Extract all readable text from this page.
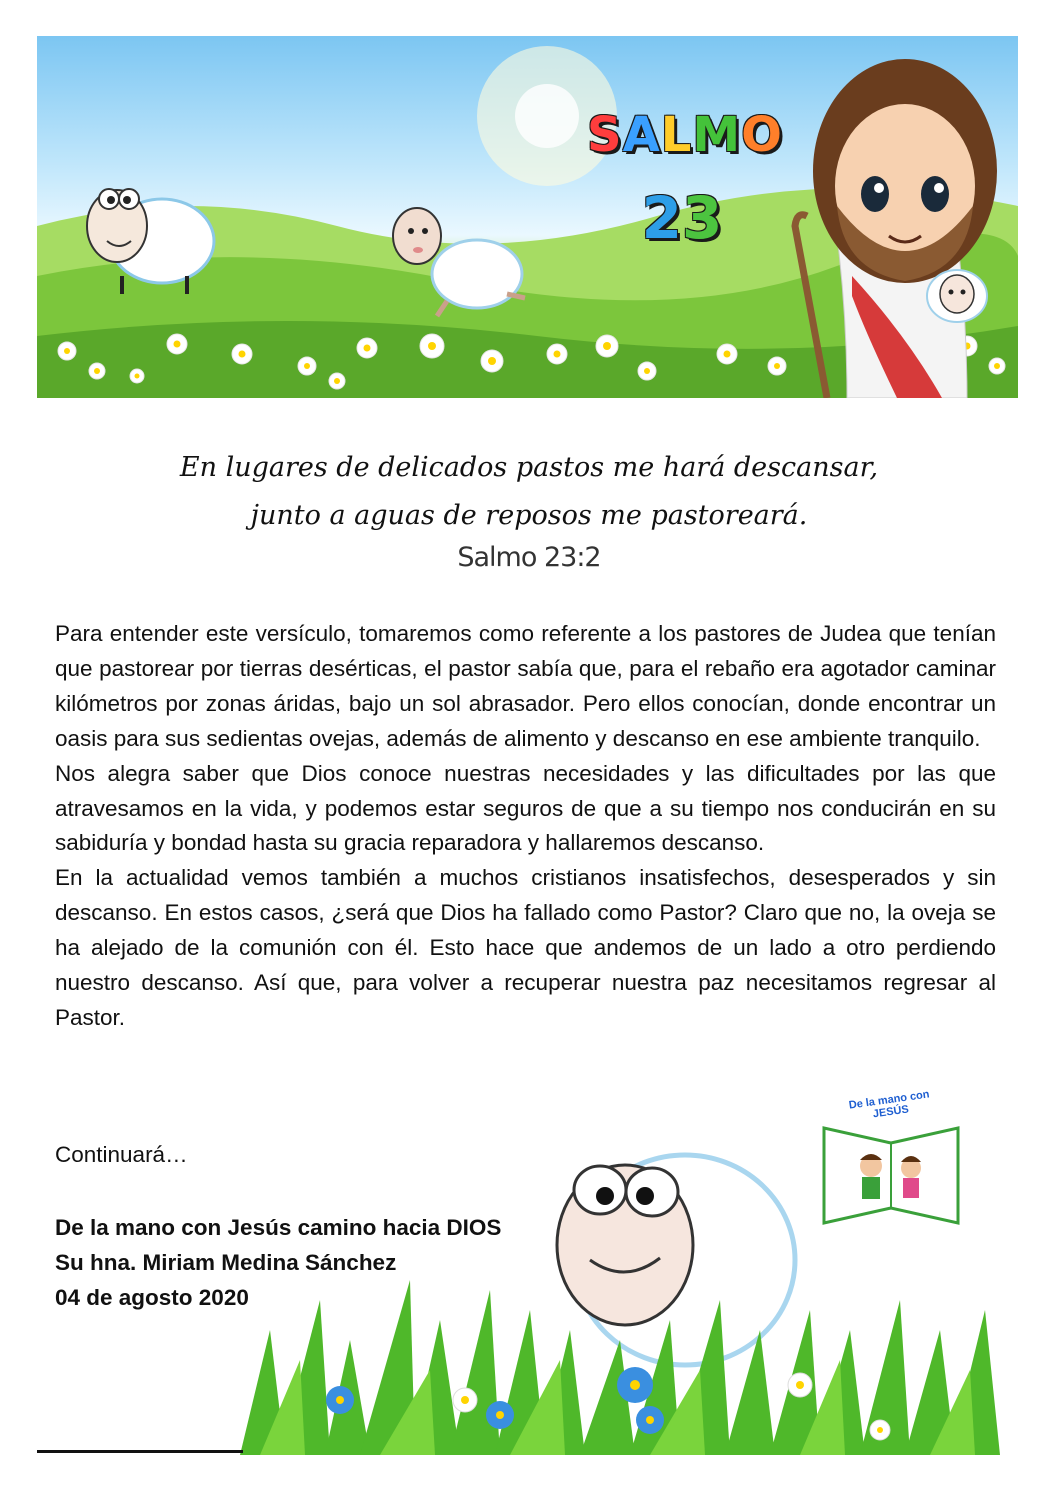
SALMO
23
En lugares de delicados pastos me hará descansar,
junto a aguas de reposos me pastoreará.
Salmo 23:2

Para entender este versículo, tomaremos como referente a los pastores de Judea que tenían que pastorear por tierras desérticas, el pastor sabía que, para el rebaño era agotador caminar kilómetros por zonas áridas, bajo un sol abrasador. Pero ellos conocían, donde encontrar un oasis para sus sedientas ovejas, además de alimento y descanso en ese ambiente tranquilo.

Nos alegra saber que Dios conoce nuestras necesidades y las dificultades por las que atravesamos en la vida, y podemos estar seguros de que a su tiempo nos conducirán en su sabiduría y bondad hasta su gracia reparadora y hallaremos descanso.

En la actualidad vemos también a muchos cristianos insatisfechos, desesperados y sin descanso. En estos casos, ¿será que Dios ha fallado como Pastor? Claro que no, la oveja se ha alejado de la comunión con él. Esto hace que andemos de un lado a otro perdiendo nuestro descanso. Así que, para volver a recuperar nuestra paz necesitamos regresar al Pastor.

Continuará…
De la mano con Jesús camino hacia DIOS
Su hna. Miriam Medina Sánchez
04 de agosto 2020
De la mano con JESÚS
